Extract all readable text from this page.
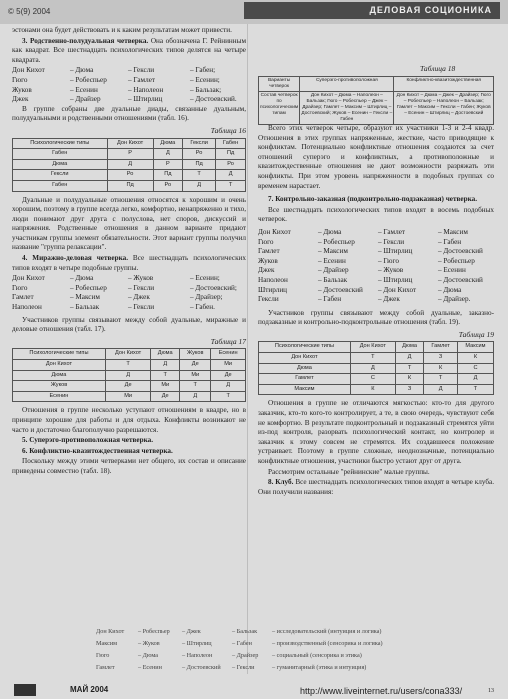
© 5(9) 2004	ДЕЛОВАЯ СОЦИОНИКА

эстонами она будет действовать и к каким результатам может привести.

3. Родственно-полудуальная четверка. Она обозначена Г. Рейнинным как квадрат. Все шестнадцать психологических типов делятся на четыре квадрата.

Дон Кихот	– Дюма	– Гексли	– Габен;
Гюго	– Робеспьер	– Гамлет	– Есенин;
Жуков	– Есенин	– Наполеон	– Бальзак;
Джек	– Драйзер	– Штирлиц	– Достоевский.

В группе собраны две дуальные диады, связанные дуальным, полудуальными и родственными отношениями (табл. 16).

Таблица 16
Психологические типы	Дон Кихот	Дюма	Гексли	Габен
Габен	Р	Д	Ро	Пд
Дюма	Д	Р	Пд	Ро
Гексли	Ро	Пд	Т	Д
Габен	Пд	Ро	Д	Т

Дуальные и полудуальные отношения относятся к хорошим и очень хорошим, поэтому в группе всегда легко, комфортно, ненапряженно и тихо, люди понимают друг друга с полуслова, нет споров, дискуссий и напряжения. Родственные отношения в данном варианте придают участникам группы элемент обязательности. Этот вариант группы получил название "группа релаксации".

4. Миражно-деловая четверка. Все шестнадцать психологических типов входят в четыре подобные группы.

Дон Кихот	– Дюма	– Жуков	– Есенин;
Гюго	– Робеспьер	– Гексли	– Достоевский;
Гамлет	– Максим	– Джек	– Драйзер;
Наполеон	– Бальзак	– Гексли	– Габен.

Участников группы связывают между собой дуальные, миражные и деловые отношения (табл. 17).

Таблица 17
Психологические типы	Дон Кихот	Дюма	Жуков	Есенин
Дон Кихот	Т	Д	Де	Ми
Дюма	Д	Т	Ми	Де
Жуков	Де	Ми	Т	Д
Есенин	Ми	Де	Д	Т

Отношения в группе несколько уступают отношениям в квадре, но в принципе хорошие для работы и для отдыха. Конфликты возникают не часто и достаточно благополучно разрешаются.

5. Суперэго-противоположная четверка.

6. Конфликтно-квазитождественная четверка.

Поскольку между этими четверками нет общего, их состав и описание приведены совместно (табл. 18).

Таблица 18
Варианты четверок	Суперэго-противоположная	Конфликтно-квазитождественная
Состав четверок по психологическим типам	Дон Кихот – Дюма – Наполеон – Бальзак; Гюго – Робеспьер – Джек – Драйзер; Гамлет – Максим – Штирлиц – Достоевский; Жуков – Есенин – Гексли – Габен	Дон Кихот – Дюма – Джек – Драйзер; Гюго – Робеспьер – Наполеон – Бальзак; Гамлет – Максим – Гексли – Габен; Жуков – Есенин – Штирлиц – Достоевский

Всего этих четверок четыре, образуют их участники 1-3 и 2-4 квадр. Отношения в этих группах напряженные, жесткие, часто приводящие к конфликтам. Потенциально конфликтные отношения создаются за счет отношений суперэго и конфликтных, а противоположные и квазитождественные отношения не дают возможности разряжать эти конфликты. При этом уровень напряженности в подобных группах со временем нарастает.

7. Контрольно-заказная (подконтрольно-подзаказная) четверка.

Все шестнадцать психологических типов входят в восемь подобных четверок.

Дон Кихот	– Дюма	– Гамлет	– Максим
Гюго	– Робеспьер	– Гексли	– Габен
Гамлет	– Максим	– Штирлиц	– Достоевский
Жуков	– Есенин	– Гюго	– Робеспьер
Джек	– Драйзер	– Жуков	– Есенин
Наполеон	– Бальзак	– Штирлиц	– Достоевский
Штирлиц	– Достоевский	– Дон Кихот	– Дюма
Гексли	– Габен	– Джек	– Драйзер.

Участников группы связывают между собой дуальные, заказно-подзаказные и контрольно-подконтрольные отношения (табл. 19).

Таблица 19
Психологические типы	Дон Кихот	Дюма	Гамлет	Максим
Дон Кихот	Т	Д	З	К
Дюма	Д	Т	К	С
Гамлет	С	К	Т	Д
Максим	К	З	Д	Т

Отношения в группе не отличаются мягкостью: кто-то для другого заказчик, кто-то кого-то контролирует, а те, в свою очередь, чувствуют себя не комфортно. В результате подконтрольный и подзаказный стремятся уйти из-под контроля, разорвать психологический контакт, но контролер и заказчик к этому совсем не стремятся. Их создавшееся положение устраивает. Поэтому в группе сложные, неоднозначные, потенциально конфликтные отношения, участники быстро устают друг от друга.

Рассмотрим остальные "рейнинские" малые группы.

8. Клуб. Все шестнадцать психологических типов входят в четыре клуба. Они получили названия:

Дон Кихот	– Робеспьер	– Джек	– Бальзак	– исследовательский (интуиция и логика)
Максим	– Жуков	– Штирлиц	– Габен	– производственный (сенсорика и логика)
Гюго	– Дюма	– Наполеон	– Драйзер	– социальный (сенсорика и этика)
Гамлет	– Есенин	– Достоевский	– Гексли	– гуманитарный (этика и интуиция)
МАЙ 2004	http://www.liveinternet.ru/users/cona333/	13
